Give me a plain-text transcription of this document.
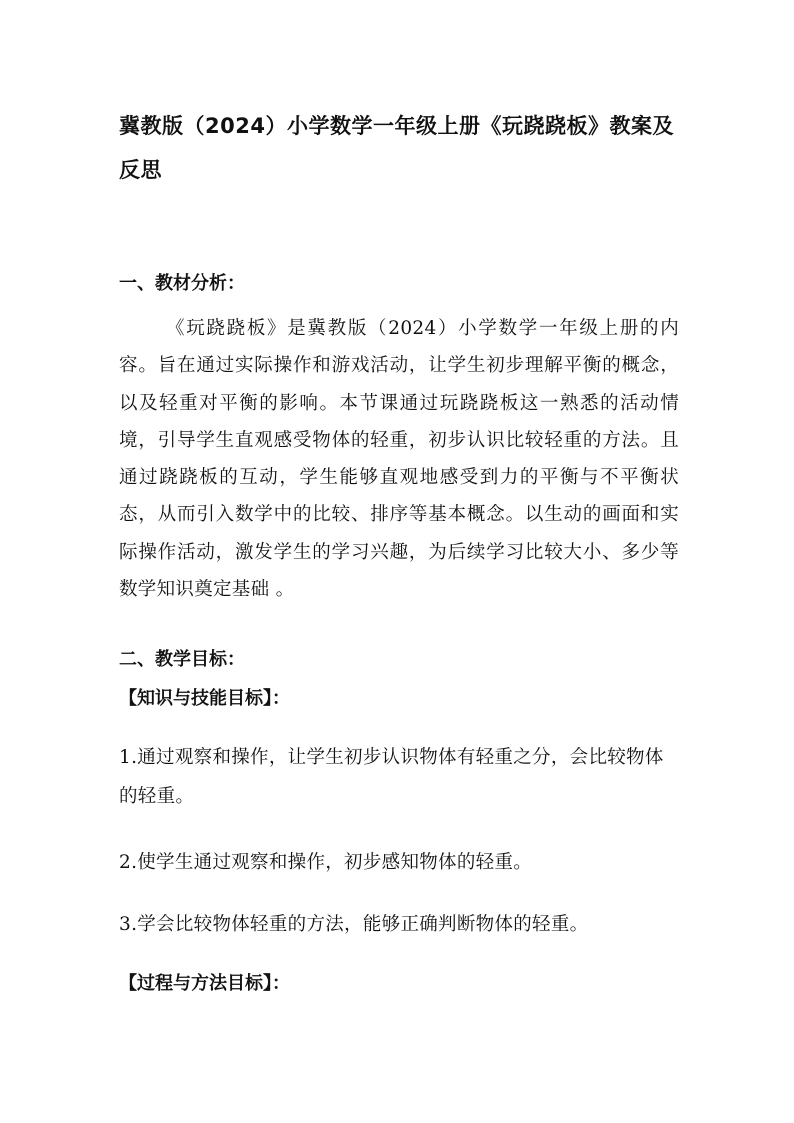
冀教版（2024）小学数学一年级上册《玩跷跷板》教案及反思
一、教材分析：

《玩跷跷板》是冀教版（2024）小学数学一年级上册的内容。旨在通过实际操作和游戏活动，让学生初步理解平衡的概念，以及轻重对平衡的影响。本节课通过玩跷跷板这一熟悉的活动情境，引导学生直观感受物体的轻重，初步认识比较轻重的方法。且通过跷跷板的互动，学生能够直观地感受到力的平衡与不平衡状态，从而引入数学中的比较、排序等基本概念。以生动的画面和实际操作活动，激发学生的学习兴趣，为后续学习比较大小、多少等数学知识奠定基础 。

二、教学目标：
【知识与技能目标】：

1.通过观察和操作，让学生初步认识物体有轻重之分，会比较物体的轻重。

2.使学生通过观察和操作，初步感知物体的轻重。

3.学会比较物体轻重的方法，能够正确判断物体的轻重。

【过程与方法目标】：
